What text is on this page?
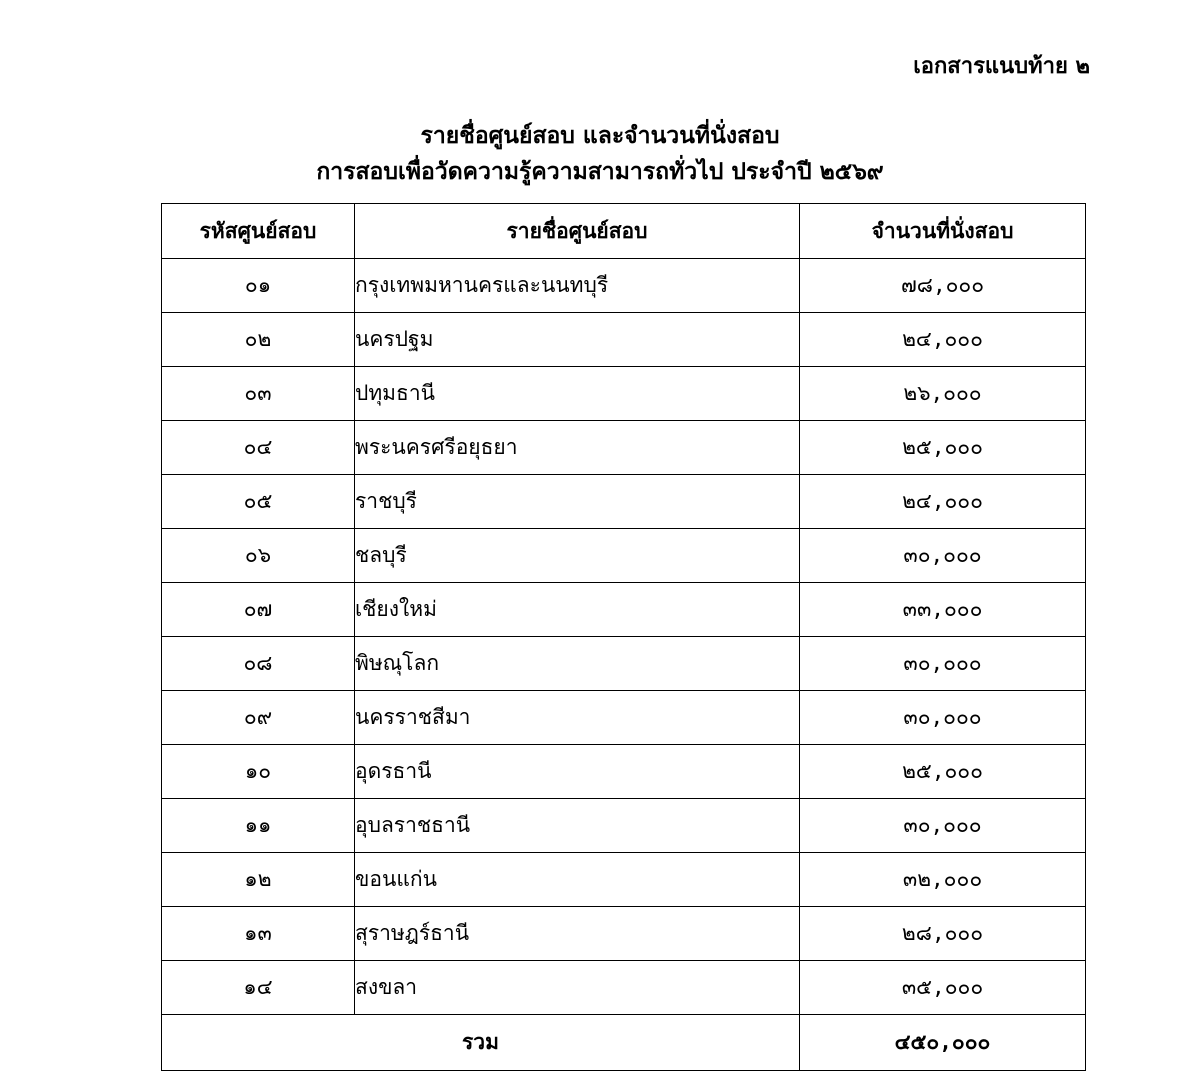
เอกสารแนบท้าย ๒
รายชื่อศูนย์สอบ และจำนวนที่นั่งสอบ
การสอบเพื่อวัดความรู้ความสามารถทั่วไป ประจำปี ๒๕๖๙
รหัสศูนย์สอบ	รายชื่อศูนย์สอบ	จำนวนที่นั่งสอบ
๐๑	กรุงเทพมหานครและนนทบุรี	๗๘,๐๐๐
๐๒	นครปฐม	๒๔,๐๐๐
๐๓	ปทุมธานี	๒๖,๐๐๐
๐๔	พระนครศรีอยุธยา	๒๕,๐๐๐
๐๕	ราชบุรี	๒๔,๐๐๐
๐๖	ชลบุรี	๓๐,๐๐๐
๐๗	เชียงใหม่	๓๓,๐๐๐
๐๘	พิษณุโลก	๓๐,๐๐๐
๐๙	นครราชสีมา	๓๐,๐๐๐
๑๐	อุดรธานี	๒๕,๐๐๐
๑๑	อุบลราชธานี	๓๐,๐๐๐
๑๒	ขอนแก่น	๓๒,๐๐๐
๑๓	สุราษฎร์ธานี	๒๘,๐๐๐
๑๔	สงขลา	๓๕,๐๐๐
รวม		๔๕๐,๐๐๐
